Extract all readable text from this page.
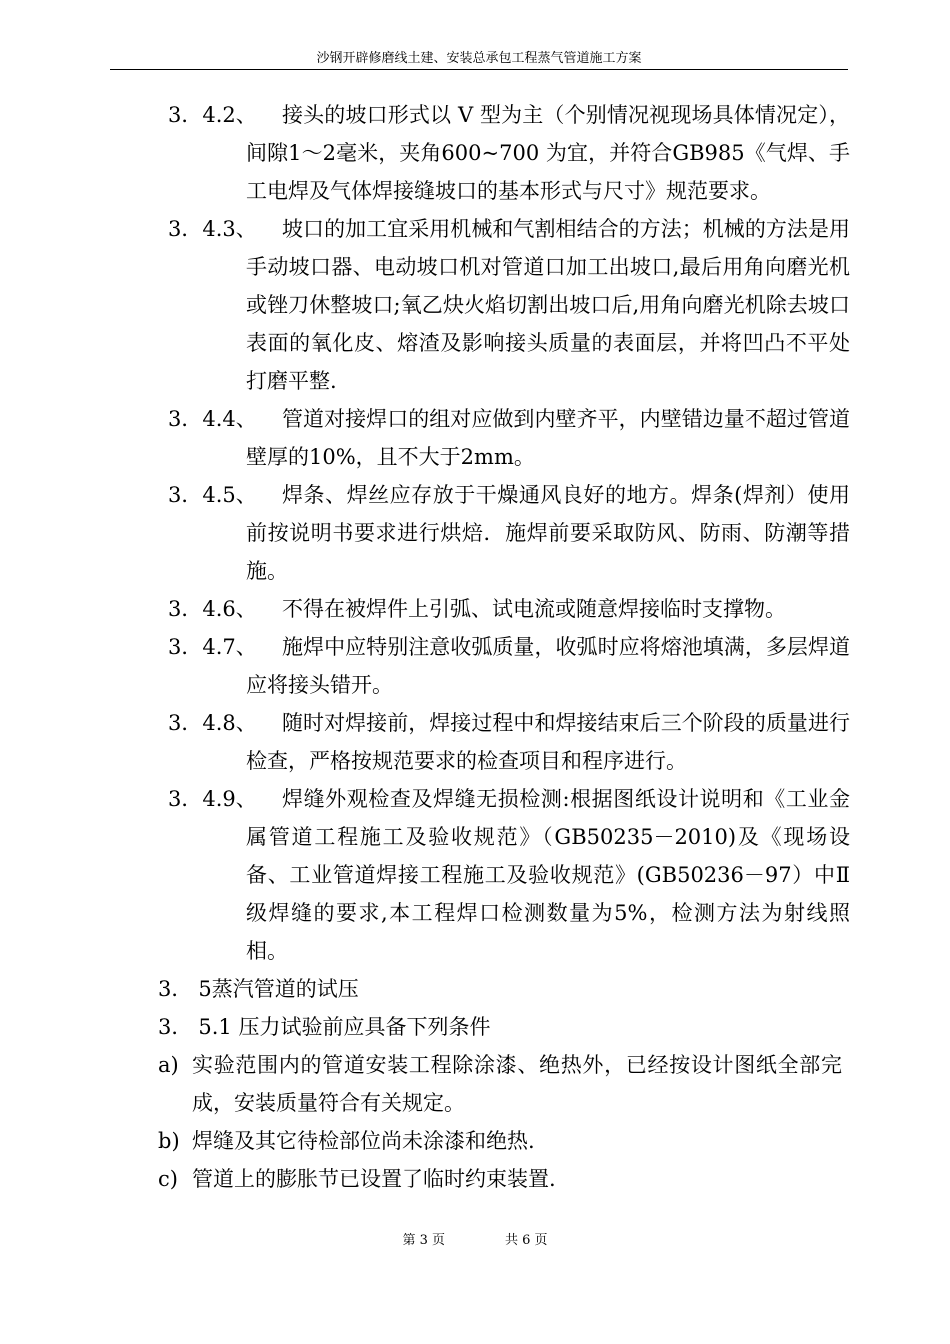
沙钢开辟修磨线土建、安装总承包工程蒸气管道施工方案
3．4.2、	接头的坡口形式以 V 型为主（个别情况视现场具体情况定），间隙1～2毫米，夹角600~700 为宜，并符合GB985《气焊、手工电焊及气体焊接缝坡口的基本形式与尺寸》规范要求。
3．4.3、	坡口的加工宜采用机械和气割相结合的方法；机械的方法是用手动坡口器、电动坡口机对管道口加工出坡口,最后用角向磨光机或锉刀休整坡口;氧乙炔火焰切割出坡口后,用角向磨光机除去坡口表面的氧化皮、熔渣及影响接头质量的表面层，并将凹凸不平处打磨平整.
3．4.4、	管道对接焊口的组对应做到内壁齐平，内壁错边量不超过管道壁厚的10%，且不大于2mm。
3．4.5、	焊条、焊丝应存放于干燥通风良好的地方。焊条(焊剂）使用前按说明书要求进行烘焙．施焊前要采取防风、防雨、防潮等措施。
3．4.6、	不得在被焊件上引弧、试电流或随意焊接临时支撑物。
3．4.7、	施焊中应特别注意收弧质量，收弧时应将熔池填满，多层焊道应将接头错开。
3．4.8、	随时对焊接前，焊接过程中和焊接结束后三个阶段的质量进行检查，严格按规范要求的检查项目和程序进行。
3．4.9、	焊缝外观检查及焊缝无损检测:根据图纸设计说明和《工业金属管道工程施工及验收规范》（GB50235－2010)及《现场设备、工业管道焊接工程施工及验收规范》(GB50236－97）中Ⅱ级焊缝的要求,本工程焊口检测数量为5%，检测方法为射线照相。
3． 5蒸汽管道的试压
3． 5.1 压力试验前应具备下列条件
a) 实验范围内的管道安装工程除涂漆、绝热外，已经按设计图纸全部完成，安装质量符合有关规定。
b) 焊缝及其它待检部位尚未涂漆和绝热.
c) 管道上的膨胀节已设置了临时约束装置.
第 3 页	共 6 页
